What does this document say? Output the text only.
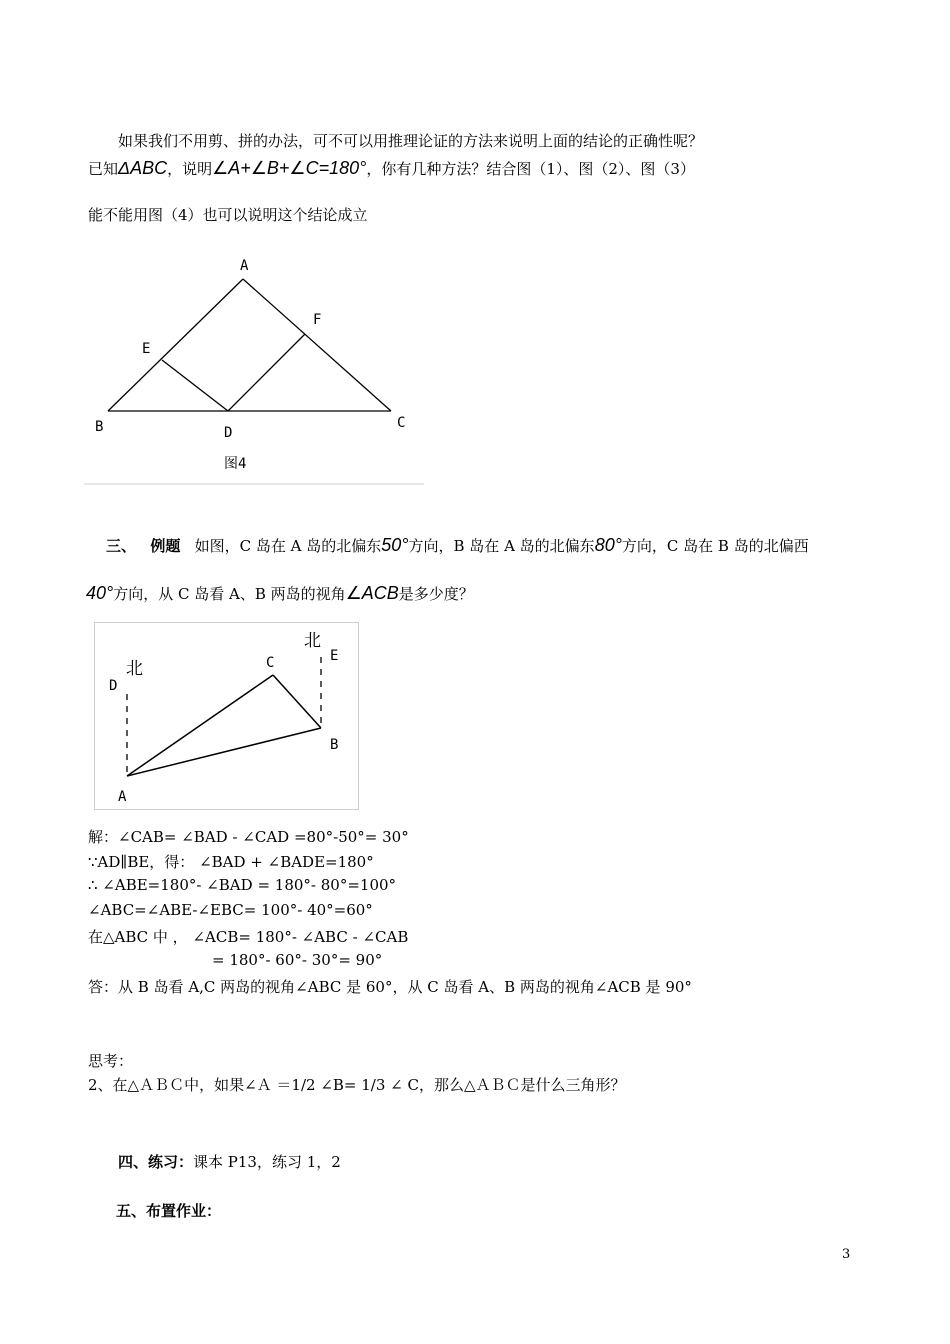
如果我们不用剪、拼的办法，可不可以用推理论证的方法来说明上面的结论的正确性呢？
已知ΔABC，说明∠A+∠B+∠C=180°，你有几种方法？结合图（1）、图（2）、图（3）
能不能用图（4）也可以说明这个结论成立
A
E
F
B	D
C
图4
三、 例题 如图，C 岛在 A 岛的北偏东50°方向，B 岛在 A 岛的北偏东80°方向，C 岛在 B 岛的北偏西
40°方向，从 C 岛看 A、B 两岛的视角∠ACB是多少度？
北
D
北
E
C
B
A
解：∠CAB= ∠BAD - ∠CAD =80°-50°= 30°
∵AD∥BE，得： ∠BAD + ∠BADE=180°
∴ ∠ABE=180°- ∠BAD = 180°- 80°=100°
∠ABC=∠ABE-∠EBC= 100°- 40°=60°
在△ABC 中 ， ∠ACB= 180°- ∠ABC - ∠CAB
= 180°- 60°- 30°= 90°
答：从 B 岛看 A,C 两岛的视角∠ABC 是 60°，从 C 岛看 A、B 两岛的视角∠ACB 是 90°
思考：
2、在△ＡＢＣ中，如果∠Ａ ＝1/2 ∠B= 1/3 ∠ C，那么△ＡＢＣ是什么三角形？
四、练习：课本 P13，练习 1，2
五、布置作业：
3
